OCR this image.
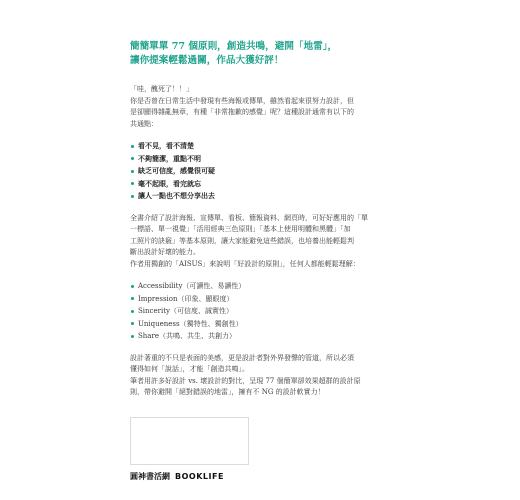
簡簡單單 77 個原則，創造共鳴，避開「地雷」，
讓你提案輕鬆過關，作品大獲好評！
「哇，醜死了！！」
你是否曾在日常生活中發現有些海報或傳單，雖然看起來很努力設計，但
是卻顯得雜亂無章，有種「非常拖歉的感覺」呢？這種設計通常有以下的
共通點：
看不見，看不清楚
不夠簡潔，重點不明
缺乏可信度，感覺很可疑
毫不起眼，看完就忘
讓人一點也不想分享出去
全書介紹了設計海報、宣傳單、看板、簡報資料、網頁時，可好好應用的「單
一標語、單一視覺」「活用經典三色原則」「基本上使用明體和黑體」「加
工照片的訣竅」等基本原則，讓大家能避免這些錯誤，也培養出能輕鬆判
斷出設計好壞的能力。
作者用獨創的「AISUS」來說明「好設計的原則」，任何人都能輕鬆理解：
Accessibility（可讀性、易讀性）
Impression（印象、顯眼度）
Sincerity（可信度、誠實性）
Uniqueness（獨特性、獨創性）
Share（共鳴、共生、共創力）
設計著重的不只是表面的美感，更是設計者對外界發聲的管道，所以必須
懂得如何「說話」，才能「創造共鳴」。
筆者用許多好設計 vs. 壞設計的對比，呈現 77 個簡單卻效果超群的設計原
則，帶你避開「絕對錯誤的地雷」，擁有不 NG 的設計軟實力！
圓神書活網 BOOKLIFE
